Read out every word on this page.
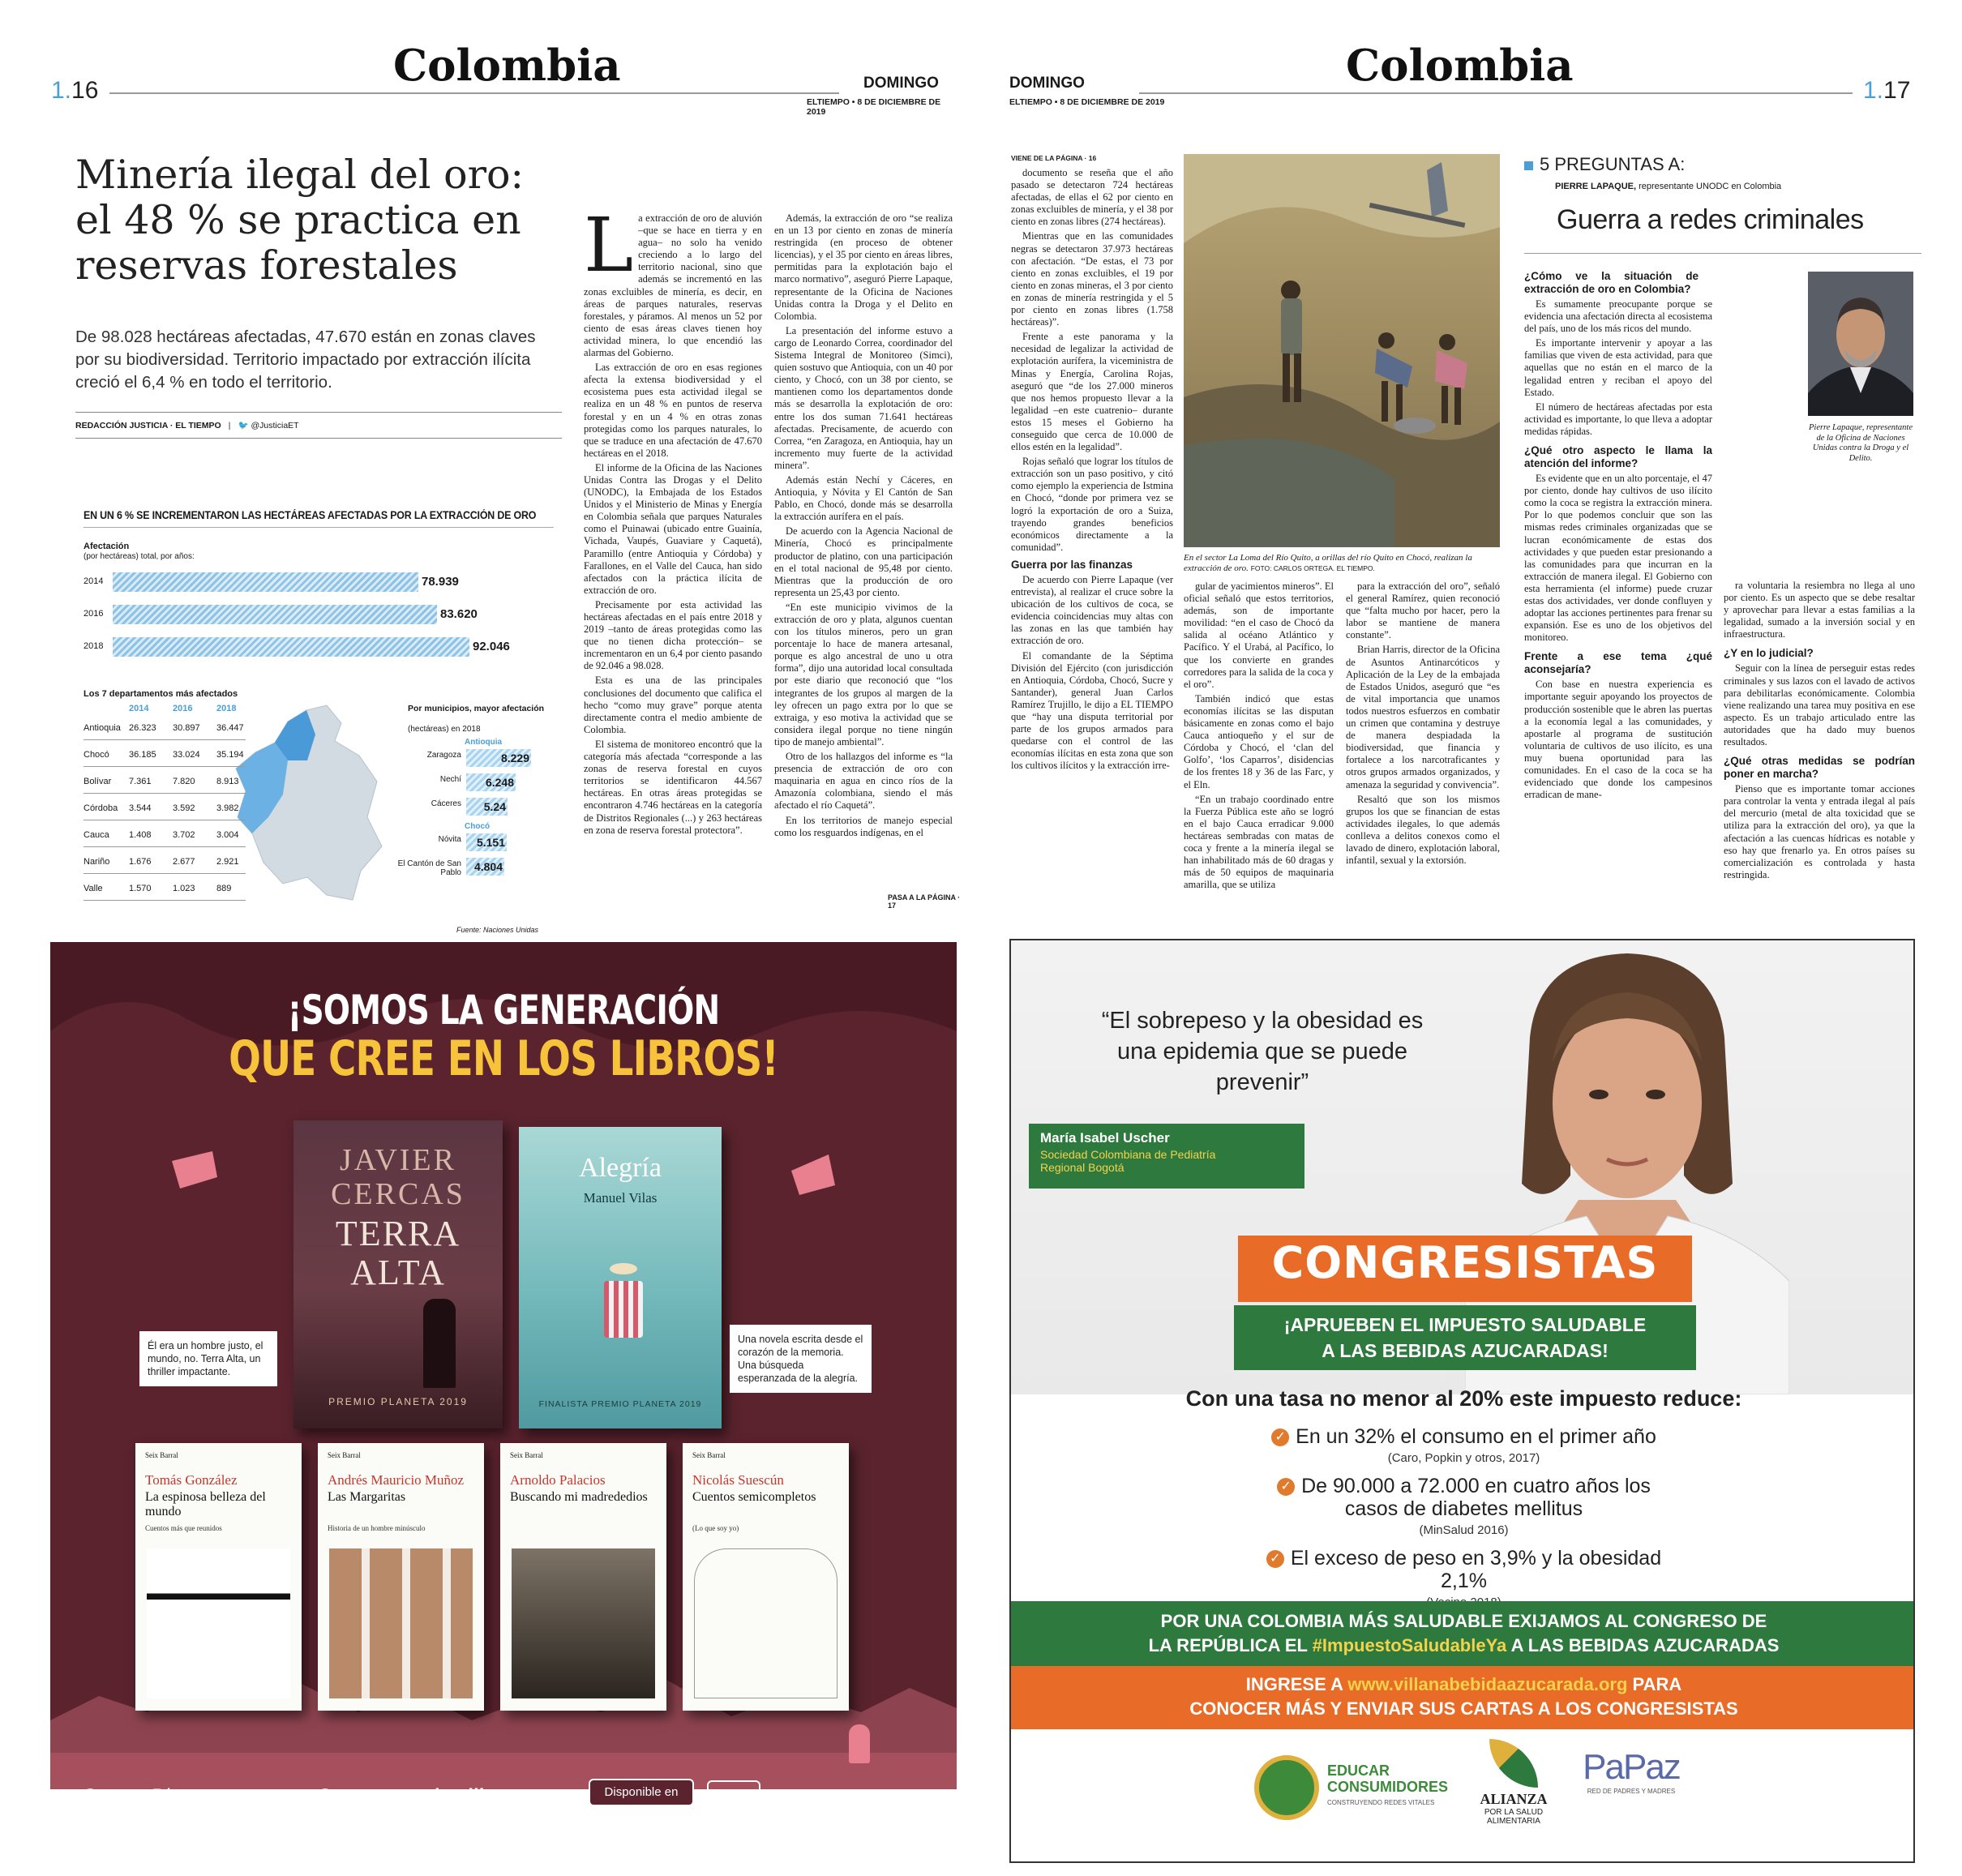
Colombia
1.16	DOMINGO
ELTIEMPO • 8 DE DICIEMBRE DE 2019
Minería ilegal del oro: el 48 % se practica en reservas forestales
De 98.028 hectáreas afectadas, 47.670 están en zonas claves por su biodiversidad. Territorio impactado por extracción ilícita creció el 6,4 % en todo el territorio.
REDACCIÓN JUSTICIA · EL TIEMPO | 🐦 @JusticiaET
EN UN 6 % SE INCREMENTARON LAS HECTÁREAS AFECTADAS POR LA EXTRACCIÓN DE ORO
Afectación
(por hectáreas) total, por años:
2014	78.939
2016	83.620
2018	92.046
Los 7 departamentos más afectados
2014	2016	2018
Antioquia 26.323 30.897 36.447
Chocó 36.185 33.024 35.194
Bolívar 7.361 7.820 8.913
Córdoba 3.544 3.592 3.982
Cauca 1.408 3.702 3.004
Nariño 1.676 2.677 2.921
Valle	1.570 1.023 889
Por municipios, mayor afectación
(hectáreas) en 2018
Antioquia
Zaragoza	8.229
Nechí	6.248
Cáceres	5.24
Chocó
Nóvita	5.151
El Cantón de San Pablo	4.804
Fuente: Naciones Unidas
L a extracción de oro de aluvión –que se hace en tierra y en agua– no solo ha venido creciendo a lo largo del territorio nacional, sino que además se incrementó en las zonas excluibles de minería, es decir, en áreas de parques naturales, reservas forestales, y páramos. Al menos un 52 por ciento de esas áreas claves tienen hoy actividad minera, lo que encendió las alarmas del Gobierno.

Las extracción de oro en esas regiones afecta la extensa biodiversidad y el ecosistema pues esta actividad ilegal se realiza en un 48 % en puntos de reserva forestal y en un 4 % en otras zonas protegidas como los parques naturales, lo que se traduce en una afectación de 47.670 hectáreas en el 2018.

El informe de la Oficina de las Naciones Unidas Contra las Drogas y el Delito (UNODC), la Embajada de los Estados Unidos y el Ministerio de Minas y Energía en Colombia señala que parques Naturales como el Puinawai (ubicado entre Guainía, Vichada, Vaupés, Guaviare y Caquetá), Paramillo (entre Antioquia y Córdoba) y Farallones, en el Valle del Cauca, han sido afectados con la práctica ilícita de extracción de oro.

Precisamente por esta actividad las hectáreas afectadas en el país entre 2018 y 2019 –tanto de áreas protegidas como las que no tienen dicha protección– se incrementaron en un 6,4 por ciento pasando de 92.046 a 98.028.

Esta es una de las principales conclusiones del documento que califica el hecho “como muy grave” porque atenta directamente contra el medio ambiente de Colombia.

El sistema de monitoreo encontró que la categoría más afectada “corresponde a las zonas de reserva forestal en cuyos territorios se identificaron 44.567 hectáreas. En otras áreas protegidas se encontraron 4.746 hectáreas en la categoría de Distritos Regionales (...) y 263 hectáreas en zona de reserva forestal protectora”.

Además, la extracción de oro “se realiza en un 13 por ciento en zonas de minería restringida (en proceso de obtener licencias), y el 35 por ciento en áreas libres, permitidas para la explotación bajo el marco normativo”, aseguró Pierre Lapaque, representante de la Oficina de Naciones Unidas contra la Droga y el Delito en Colombia.

La presentación del informe estuvo a cargo de Leonardo Correa, coordinador del Sistema Integral de Monitoreo (Simci), quien sostuvo que Antioquia, con un 40 por ciento, y Chocó, con un 38 por ciento, se mantienen como los departamentos donde más se desarrolla la explotación de oro: entre los dos suman 71.641 hectáreas afectadas. Precisamente, de acuerdo con Correa, “en Zaragoza, en Antioquia, hay un incremento muy fuerte de la actividad minera”.

Además están Nechí y Cáceres, en Antioquia, y Nóvita y El Cantón de San Pablo, en Chocó, donde más se desarrolla la extracción aurífera en el país.

De acuerdo con la Agencia Nacional de Minería, Chocó es principalmente productor de platino, con una participación en el total nacional de 95,48 por ciento. Mientras que la producción de oro representa un 25,43 por ciento.

“En este municipio vivimos de la extracción de oro y plata, algunos cuentan con los títulos mineros, pero un gran porcentaje lo hace de manera artesanal, porque es algo ancestral de uno u otra forma”, dijo una autoridad local consultada por este diario que reconoció que “los integrantes de los grupos al margen de la ley ofrecen un pago extra por lo que se extraiga, y eso motiva la actividad que se considera ilegal porque no tiene ningún tipo de manejo ambiental”.

Otro de los hallazgos del informe es “la presencia de extracción de oro con maquinaria en agua en cinco ríos de la Amazonía colombiana, siendo el más afectado el río Caquetá”.

En los territorios de manejo especial como los resguardos indígenas, en el

PASA A LA PÁGINA · 17
Colombia	1.17
DOMINGO
ELTIEMPO • 8 DE DICIEMBRE DE 2019
VIENE DE LA PÁGINA · 16

documento se reseña que el año pasado se detectaron 724 hectáreas afectadas, de ellas el 62 por ciento en zonas excluibles de minería, y el 38 por ciento en zonas libres (274 hectáreas).

Mientras que en las comunidades negras se detectaron 37.973 hectáreas con afectación. “De estas, el 73 por ciento en zonas excluibles, el 19 por ciento en zonas mineras, el 3 por ciento en zonas de minería restringida y el 5 por ciento en zonas libres (1.758 hectáreas)”.

Frente a este panorama y la necesidad de legalizar la actividad de explotación aurífera, la viceministra de Minas y Energía, Carolina Rojas, aseguró que “de los 27.000 mineros que nos hemos propuesto llevar a la legalidad –en este cuatrenio– durante estos 15 meses el Gobierno ha conseguido que cerca de 10.000 de ellos estén en la legalidad”.

Rojas señaló que lograr los títulos de extracción son un paso positivo, y citó como ejemplo la experiencia de Istmina en Chocó, “donde por primera vez se logró la exportación de oro a Suiza, trayendo grandes beneficios económicos directamente a la comunidad”.

Guerra por las finanzas

De acuerdo con Pierre Lapaque (ver entrevista), al realizar el cruce sobre la ubicación de los cultivos de coca, se evidencia coincidencias muy altas con las zonas en las que también hay extracción de oro.

El comandante de la Séptima División del Ejército (con jurisdicción en Antioquia, Córdoba, Chocó, Sucre y Santander), general Juan Carlos Ramírez Trujillo, le dijo a EL TIEMPO que “hay una disputa territorial por parte de los grupos armados para quedarse con el control de las economías ilícitas en esta zona que son los cultivos ilícitos y la extracción irre-

En el sector La Loma del Río Quito, a orillas del río Quito en Chocó, realizan la extracción de oro. FOTO: CARLOS ORTEGA. EL TIEMPO.

gular de yacimientos mineros”. El oficial señaló que estos territorios, además, son de importante movilidad: “en el caso de Chocó da salida al océano Atlántico y Pacífico. Y el Urabá, al Pacífico, lo que los convierte en grandes corredores para la salida de la coca y el oro”.

También indicó que estas economías ilícitas se las disputan básicamente en zonas como el bajo Cauca antioqueño y el sur de Córdoba y Chocó, el ‘clan del Golfo’, ‘los Caparros’, disidencias de los frentes 18 y 36 de las Farc, y el Eln.

“En un trabajo coordinado entre la Fuerza Pública este año se logró en el bajo Cauca erradicar 9.000 hectáreas sembradas con matas de coca y frente a la minería ilegal se han inhabilitado más de 60 dragas y más de 50 equipos de maquinaria amarilla, que se utiliza

para la extracción del oro”, señaló el general Ramírez, quien reconoció que “falta mucho por hacer, pero la labor se mantiene de manera constante”.

Brian Harris, director de la Oficina de Asuntos Antinarcóticos y Aplicación de la Ley de la embajada de Estados Unidos, aseguró que “es de vital importancia que unamos todos nuestros esfuerzos en combatir un crimen que contamina y destruye de manera despiadada la biodiversidad, que financia y fortalece a los narcotraficantes y otros grupos armados organizados, y amenaza la seguridad y convivencia”.

Resaltó que son los mismos grupos los que se financian de estas actividades ilegales, lo que además conlleva a delitos conexos como el lavado de dinero, explotación laboral, infantil, sexual y la extorsión.

5 PREGUNTAS A:
PIERRE LAPAQUE, representante UNODC en Colombia
Guerra a redes criminales
Pierre Lapaque, representante de la Oficina de Naciones Unidas contra la Droga y el Delito.
¿Cómo ve la situación de extracción de oro en Colombia?

Es sumamente preocupante porque se evidencia una afectación directa al ecosistema del país, uno de los más ricos del mundo.

Es importante intervenir y apoyar a las familias que viven de esta actividad, para que aquellas que no están en el marco de la legalidad entren y reciban el apoyo del Estado.

El número de hectáreas afectadas por esta actividad es importante, lo que lleva a adoptar medidas rápidas.

¿Qué otro aspecto le llama la atención del informe?

Es evidente que en un alto porcentaje, el 47 por ciento, donde hay cultivos de uso ilícito como la coca se registra la extracción minera. Por lo que podemos concluir que son las mismas redes criminales organizadas que se lucran económicamente de estas dos actividades y que pueden estar presionando a las comunidades para que incurran en la extracción de manera ilegal. El Gobierno con esta herramienta (el informe) puede cruzar estas dos actividades, ver donde confluyen y adoptar las acciones pertinentes para frenar su expansión. Ese es uno de los objetivos del monitoreo.

Frente a ese tema ¿qué aconsejaría?

Con base en nuestra experiencia es importante seguir apoyando los proyectos de producción sostenible que le abren las puertas a la economía legal a las comunidades, y apostarle al programa de sustitución voluntaria de cultivos de uso ilícito, es una muy buena oportunidad para las comunidades. En el caso de la coca se ha evidenciado que donde los campesinos erradican de mane-

ra voluntaria la resiembra no llega al uno por ciento. Es un aspecto que se debe resaltar y aprovechar para llevar a estas familias a la legalidad, sumado a la inversión social y en infraestructura.

¿Y en lo judicial?

Seguir con la línea de perseguir estas redes criminales y sus lazos con el lavado de activos para debilitarlas económicamente. Colombia viene realizando una tarea muy positiva en ese aspecto. Es un trabajo articulado entre las autoridades que ha dado muy buenos resultados.

¿Qué otras medidas se podrían poner en marcha?

Pienso que es importante tomar acciones para controlar la venta y entrada ilegal al país del mercurio (metal de alta toxicidad que se utiliza para la extracción del oro), ya que la afectación a las cuencas hídricas es notable y eso hay que frenarlo ya. En otros países su comercialización es controlada y hasta restringida.

¡SOMOS LA GENERACIÓN
QUE CREE EN LOS LIBROS!
JAVIER
CERCAS
TERRA
ALTA
PREMIO PLANETA 2019
Alegría
Manuel Vilas
FINALISTA PREMIO PLANETA 2019
Él era un hombre justo, el mundo, no. Terra Alta, un thriller impactante.
Una novela escrita desde el corazón de la memoria. Una búsqueda esperanzada de la alegría.
Seix Barral
Tomás González
La espinosa belleza del mundo
Cuentos más que reunidos
Seix Barral
Andrés Mauricio Muñoz
Las Margaritas
Historia de un hombre minúsculo
Seix Barral
Arnoldo Palacios
Buscando mi madrededios
Seix Barral
Nicolás Suescún
Cuentos semicompletos
(Lo que soy yo)
Grupo Planeta	Creemos en los libros	Disponible en	eBook
“El sobrepeso y la obesidad es una epidemia que se puede prevenir”
María Isabel Uscher
Sociedad Colombiana de Pediatría
Regional Bogotá
CONGRESISTAS
¡APRUEBEN EL IMPUESTO SALUDABLE
A LAS BEBIDAS AZUCARADAS!
Con una tasa no menor al 20% este impuesto reduce:
✓ En un 32% el consumo en el primer año
(Caro, Popkin y otros, 2017)
✓ De 90.000 a 72.000 en cuatro años los casos de diabetes mellitus
(MinSalud 2016)
✓ El exceso de peso en 3,9% y la obesidad 2,1%
POR UNA COLOMBIA MÁS SALUDABLE EXIJAMOS AL CONGRESO DE
LA REPÚBLICA EL #ImpuestoSaludableYa A LAS BEBIDAS AZUCARADAS
INGRESE A www.villanabebidaazucarada.org PARA
CONOCER MÁS Y ENVIAR SUS CARTAS A LOS CONGRESISTAS
EDUCAR
CONSUMIDORES
CONSTRUYENDO REDES VITALES	ALIANZA
POR LA SALUD
ALIMENTARIA
PaPaz
RED DE PADRES Y MADRES
